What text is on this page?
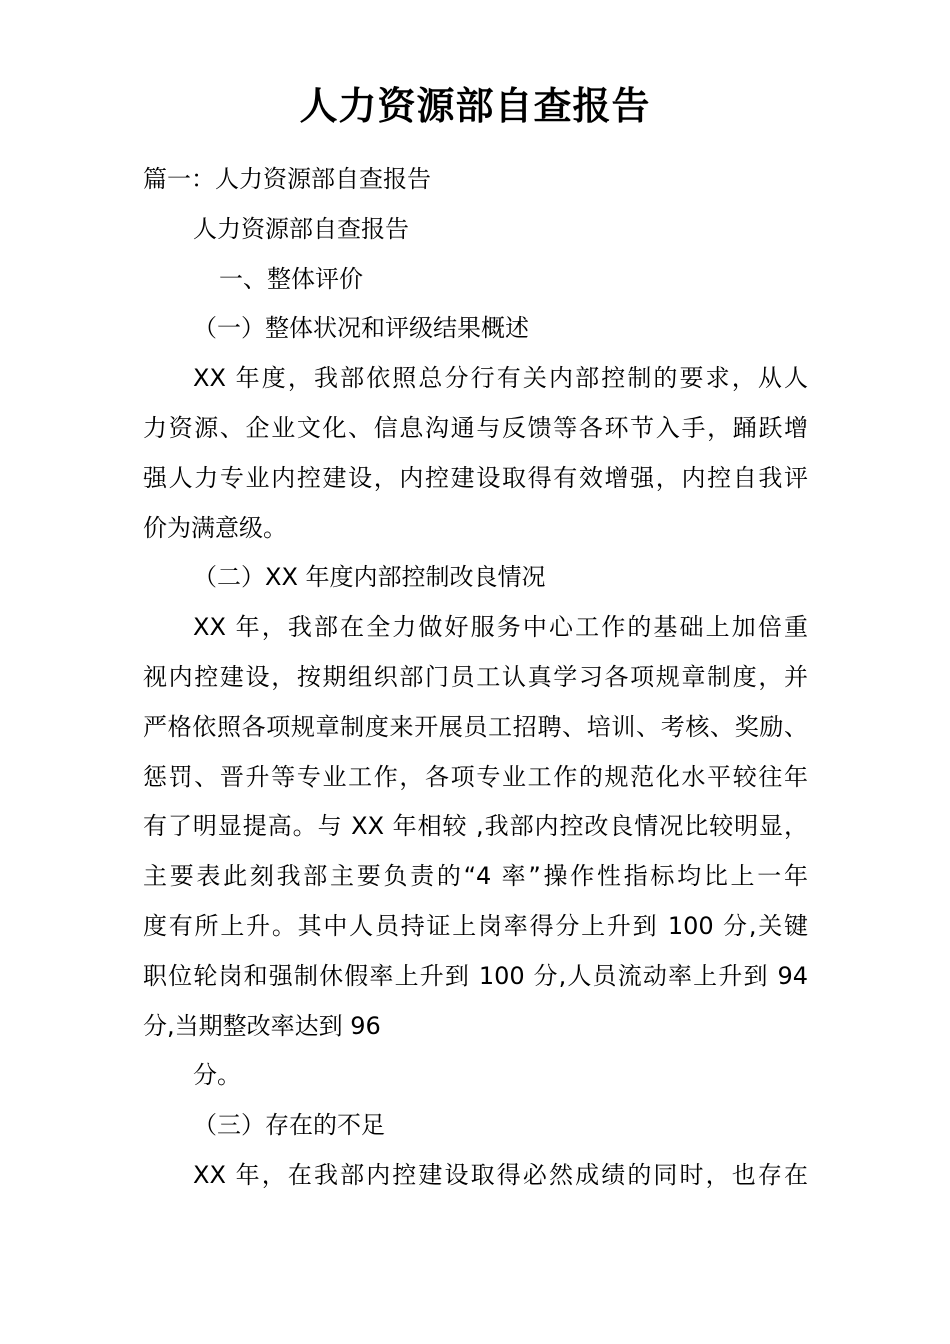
人力资源部自查报告
篇一：人力资源部自查报告
人力资源部自查报告
一、整体评价
（一）整体状况和评级结果概述
XX 年度，我部依照总分行有关内部控制的要求，从人
力资源、企业文化、信息沟通与反馈等各环节入手，踊跃增
强人力专业内控建设，内控建设取得有效增强，内控自我评
价为满意级。
（二）XX 年度内部控制改良情况
XX 年，我部在全力做好服务中心工作的基础上加倍重
视内控建设，按期组织部门员工认真学习各项规章制度，并
严格依照各项规章制度来开展员工招聘、培训、考核、奖励、
惩罚、晋升等专业工作，各项专业工作的规范化水平较往年
有了明显提高。与 XX 年相较 ,我部内控改良情况比较明显，
主要表此刻我部主要负责的“4 率”操作性指标均比上一年
度有所上升。其中人员持证上岗率得分上升到 100 分,关键
职位轮岗和强制休假率上升到 100 分,人员流动率上升到 94
分,当期整改率达到 96
分。
（三）存在的不足
XX 年，在我部内控建设取得必然成绩的同时，也存在
